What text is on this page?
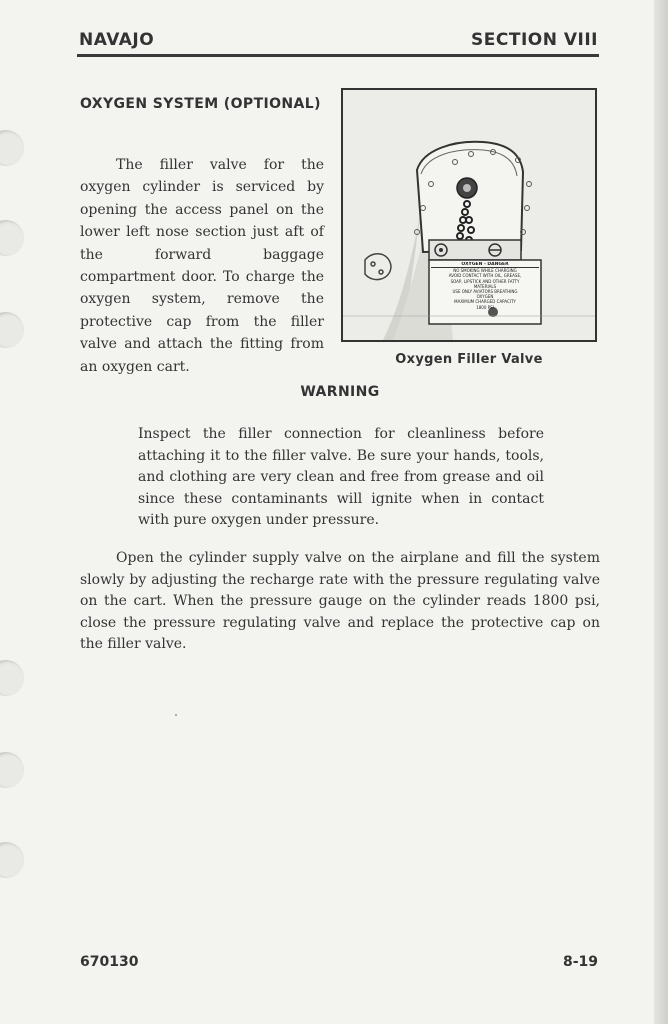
NAVAJO	SECTION VIII
OXYGEN SYSTEM (OPTIONAL)
The filler valve for the oxygen cylinder is serviced by opening the access panel on the lower left nose section just aft of the forward baggage compartment door. To charge the oxygen system, remove the protective cap from the filler valve and attach the fitting from an oxygen cart.
OXYGEN - DANGER
NO SMOKING WHILE CHARGING
AVOID CONTACT WITH OIL, GREASE,
SOAP, LIPSTICK AND OTHER FATTY
MATERIALS
USE ONLY AVIATORS BREATHING
OXYGEN
MAXIMUM CHARGED CAPACITY
1800 PSI
Oxygen Filler Valve
WARNING
Inspect the filler connection for cleanliness before attaching it to the filler valve. Be sure your hands, tools, and clothing are very clean and free from grease and oil since these contaminants will ignite when in contact with pure oxygen under pressure.
Open the cylinder supply valve on the airplane and fill the system slowly by adjusting the recharge rate with the pressure regulating valve on the cart. When the pressure gauge on the cylinder reads 1800 psi, close the pressure regulating valve and replace the protective cap on the filler valve.
670130	8-19
